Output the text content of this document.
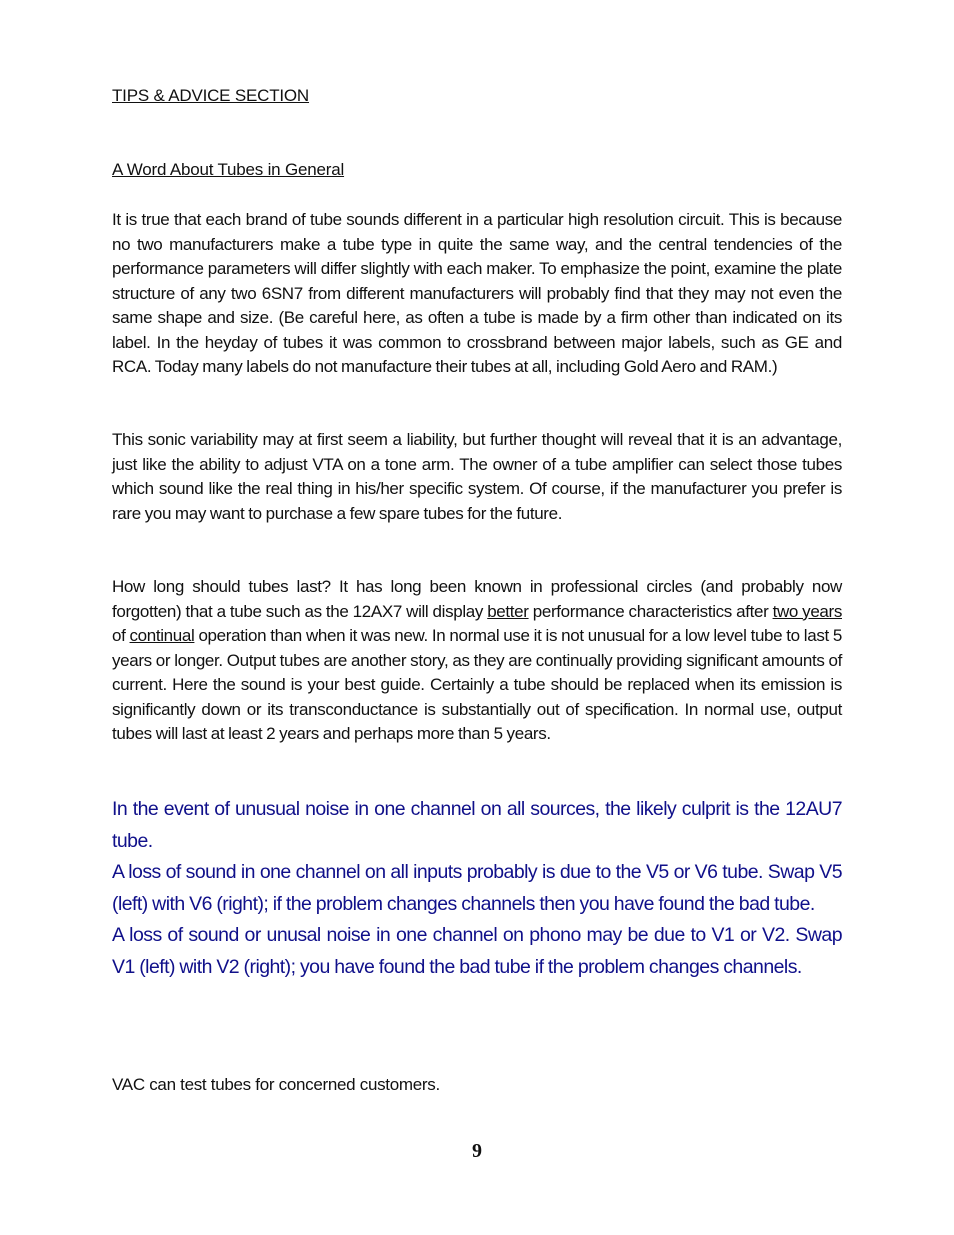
TIPS & ADVICE SECTION
A Word About Tubes in General

It is true that each brand of tube sounds different in a particular high resolution circuit. This is because no two manufacturers make a tube type in quite the same way, and the central tendencies of the performance parameters will differ slightly with each maker. To emphasize the point, examine the plate structure of any two 6SN7 from different manufacturers will probably find that they may not even the same shape and size. (Be careful here, as often a tube is made by a firm other than indicated on its label. In the heyday of tubes it was common to crossbrand between major labels, such as GE and RCA. Today many labels do not manufacture their tubes at all, including Gold Aero and RAM.)

This sonic variability may at first seem a liability, but further thought will reveal that it is an advantage, just like the ability to adjust VTA on a tone arm. The owner of a tube amplifier can select those tubes which sound like the real thing in his/her specific system. Of course, if the manufacturer you prefer is rare you may want to purchase a few spare tubes for the future.

How long should tubes last? It has long been known in professional circles (and probably now forgotten) that a tube such as the 12AX7 will display better performance characteristics after two years of continual operation than when it was new. In normal use it is not unusual for a low level tube to last 5 years or longer. Output tubes are another story, as they are continually providing significant amounts of current. Here the sound is your best guide. Certainly a tube should be replaced when its emission is significantly down or its transconductance is substantially out of specification. In normal use, output tubes will last at least 2 years and perhaps more than 5 years.

In the event of unusual noise in one channel on all sources, the likely culprit is the 12AU7 tube.

A loss of sound in one channel on all inputs probably is due to the V5 or V6 tube. Swap V5 (left) with V6 (right); if the problem changes channels then you have found the bad tube.

A loss of sound or unusal noise in one channel on phono may be due to V1 or V2. Swap V1 (left) with V2 (right); you have found the bad tube if the problem changes channels.

VAC can test tubes for concerned customers.

9
